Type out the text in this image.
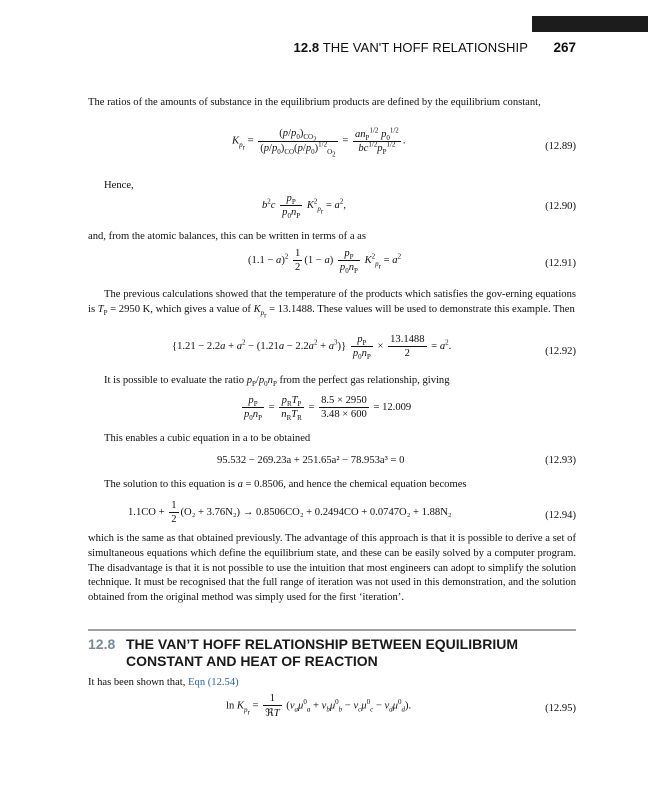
12.8 THE VAN'T HOFF RELATIONSHIP 267
The ratios of the amounts of substance in the equilibrium products are defined by the equilibrium constant,
$K_{p_r} = \frac{(p/p_0)_{CO_2}}{(p/p_0)_{CO}(p/p_0)^{1/2}_{O_2}} = \frac{an_P^{1/2} p_0^{1/2}}{bc^{1/2}p_P^{1/2}}$ .
(12.89)
Hence,
$b^2c \frac{p_P}{p_0n_P} K^2_{p_r} = a^2$,	(12.90)
and, from the atomic balances, this can be written in terms of a as
$(1.1 - a)^2 \frac{1}{2} (1 - a) \frac{p_P}{p_0n_P} K^2_{p_r} = a^2$
(12.91)
The previous calculations showed that the temperature of the products which satisfies the gov-erning equations is $T_P = 2950$ K, which gives a value of $K_{p_r} = 13.1488$. These values will be used to demonstrate this example. Then
$\{1.21 - 2.2a + a^2 - (1.21a - 2.2a^2 + a^3)\} \frac{p_P}{p_0n_P} \times \frac{13.1488}{2} = a^2$.	(12.92)
It is possible to evaluate the ratio $p_P/p_0n_P$ from the perfect gas relationship, giving
$\frac{p_P}{p_0n_P} = \frac{p_RT_P}{n_RT_R} = \frac{8.5 \times 2950}{3.48 \times 600} = 12.009$
This enables a cubic equation in a to be obtained
95.532 − 269.23a + 251.65a² − 78.953a³ = 0	(12.93)
The solution to this equation is a = 0.8506, and hence the chemical equation becomes
$1.1CO + \frac{1}{2} (O_2 + 3.76N_2) \to 0.8506CO_2 + 0.2494CO + 0.0747O_2 + 1.88N_2$	(12.94)
which is the same as that obtained previously. The advantage of this approach is that it is possible to derive a set of simultaneous equations which define the equilibrium state, and these can be easily solved by a computer program. The disadvantage is that it is not possible to use the intuition that most engineers can adopt to simplify the solution technique. It must be recognised that the full range of iteration was not used in this demonstration, and the solution obtained from the original method was simply used for the first ‘iteration’.
12.8 THE VAN’T HOFF RELATIONSHIP BETWEEN EQUILIBRIUM CONSTANT AND HEAT OF REACTION
It has been shown that, Eqn (12.54)
$\ln K_{p_r} = \frac{1}{\text{ℜT}} (v_a\mu^0_a + v_b\mu^0_b - v_c\mu^0_c - v_d\mu^0_d)$.	(12.95)
